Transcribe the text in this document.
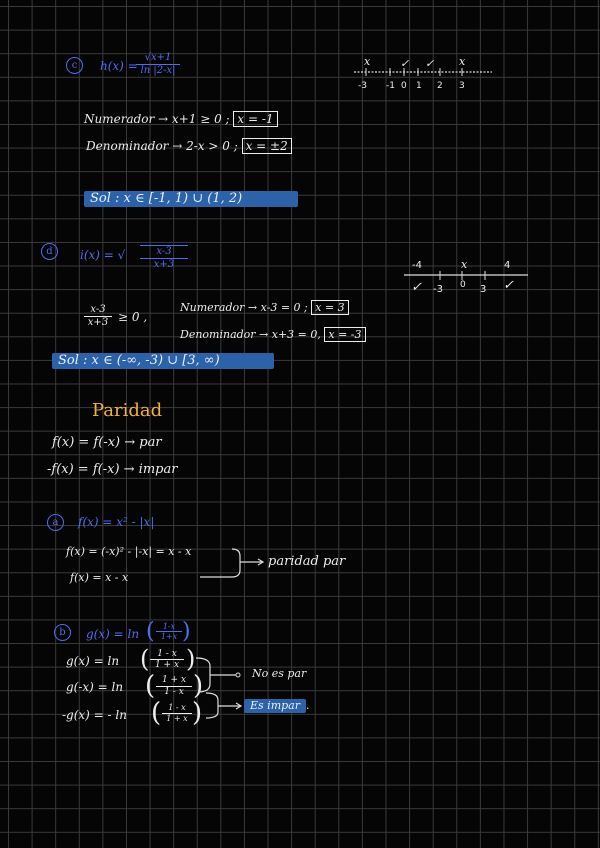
c	h(x) =
$\frac{√x+1}{\ln |2-x|}$	x	✓ ✓ x
-3 -1 0 1 2 3
Numerador → x+1 ≥ 0 ; x = -1
Denominador → 2-x > 0 ; x = ±2
Sol : x ∈ [-1, 1) ∪ (1, 2)
d	i(x) = √ $\frac{x-3}{x+3}$	-4	x	4
✓ -3 0 3 ✓
$\frac{x-3}{x+3} \ge 0$ ,
Numerador → x-3 = 0 ; x = 3
Denominador → x+3 = 0, x = -3
Sol : x ∈ (-∞, -3) ∪ [3, ∞)
Paridad
f(x) = f(-x) → par
-f(x) = f(-x) → impar
a	f(x) = x² - |x|
f(x) = (-x)² - |-x| = x - x
f(x) = x - x
paridad par
b	g(x) = ln ( $\frac{1-x}{1+x}$ )
g(x) = ln ( $\frac{1 - x}{1 + x}$ )
g(-x) = ln ( $\frac{1 + x}{1 - x}$ )
-g(x) = - ln ( $\frac{1 - x}{1 + x}$ )
No es par
Es impar .
